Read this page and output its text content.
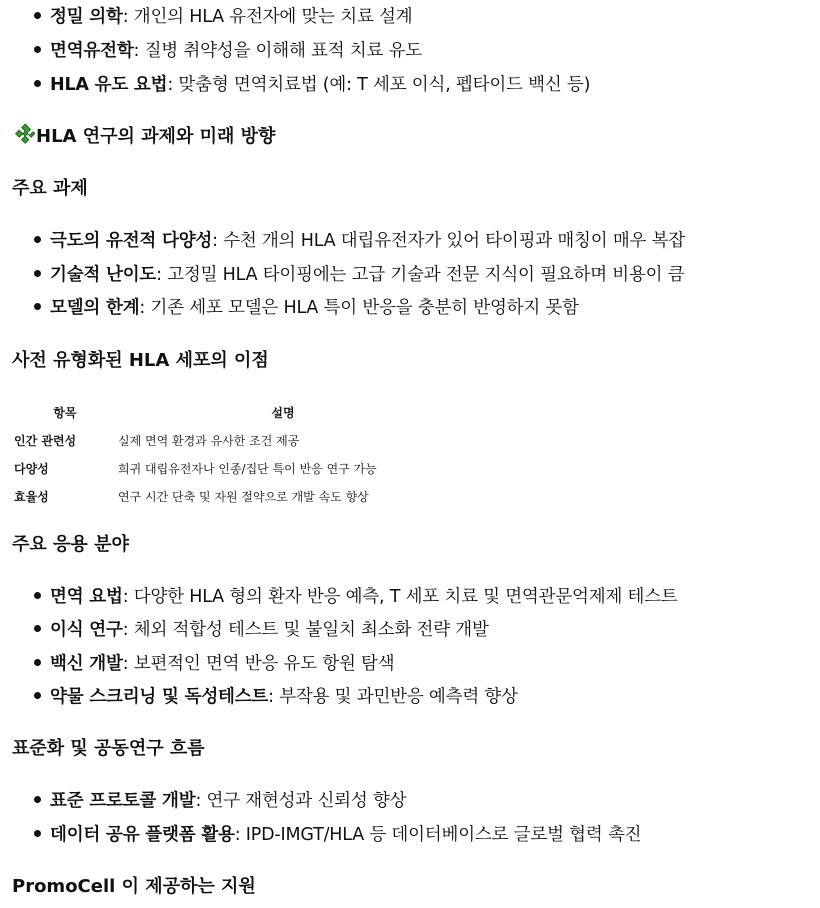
정밀 의학: 개인의 HLA 유전자에 맞는 치료 설계
면역유전학: 질병 취약성을 이해해 표적 치료 유도
HLA 유도 요법: 맞춤형 면역치료법 (예: T 세포 이식, 펩타이드 백신 등)
HLA 연구의 과제와 미래 방향
주요 과제
극도의 유전적 다양성: 수천 개의 HLA 대립유전자가 있어 타이핑과 매칭이 매우 복잡
기술적 난이도: 고정밀 HLA 타이핑에는 고급 기술과 전문 지식이 필요하며 비용이 큼
모델의 한계: 기존 세포 모델은 HLA 특이 반응을 충분히 반영하지 못함
사전 유형화된 HLA 세포의 이점
항목	설명
인간 관련성	실제 면역 환경과 유사한 조건 제공
다양성	희귀 대립유전자나 인종/집단 특이 반응 연구 가능
효율성	연구 시간 단축 및 자원 절약으로 개발 속도 향상
주요 응용 분야
면역 요법: 다양한 HLA 형의 환자 반응 예측, T 세포 치료 및 면역관문억제제 테스트
이식 연구: 체외 적합성 테스트 및 불일치 최소화 전략 개발
백신 개발: 보편적인 면역 반응 유도 항원 탐색
약물 스크리닝 및 독성테스트: 부작용 및 과민반응 예측력 향상
표준화 및 공동연구 흐름
표준 프로토콜 개발: 연구 재현성과 신뢰성 향상
데이터 공유 플랫폼 활용: IPD-IMGT/HLA 등 데이터베이스로 글로벌 협력 촉진
PromoCell 이 제공하는 지원
